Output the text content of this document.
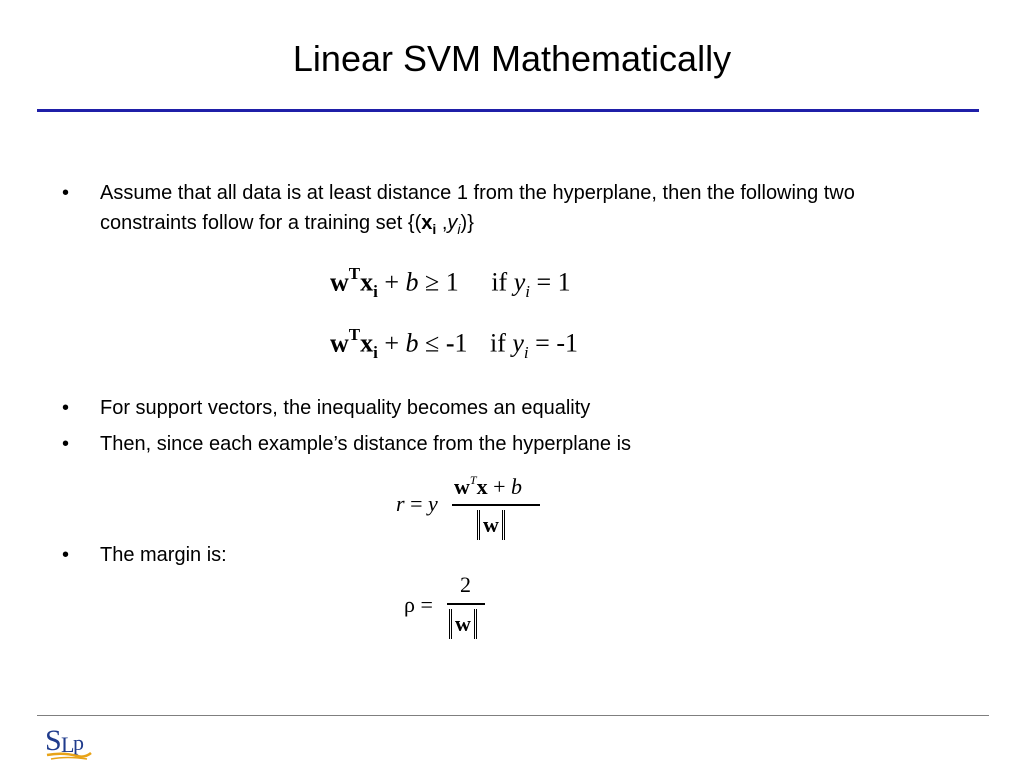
Linear SVM Mathematically
• Assume that all data is at least distance 1 from the hyperplane, then the following two constraints follow for a training set {($x_i$ $,y_i$)}
$w^Tx_i + b \ge 1$ if $y_i = 1$
$w^Tx_i + b \le -1$ if $y_i = -1$
• For support vectors, the inequality becomes an equality
• Then, since each example’s distance from the hyperplane is
r = y
$w^Tx + b$
w
• The margin is:
ρ =
2
w
S L
p
